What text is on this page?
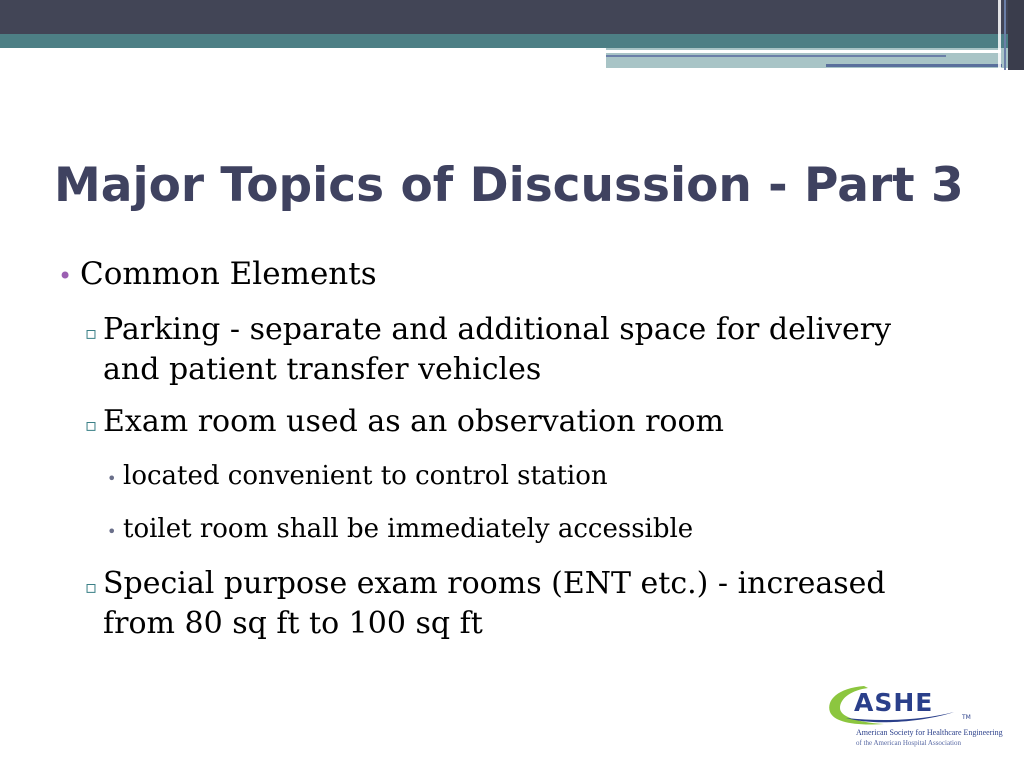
Major Topics of Discussion - Part 3
• Common Elements
▫ Parking - separate and additional space for delivery and patient transfer vehicles
▫ Exam room used as an observation room
• located convenient to control station
• toilet room shall be immediately accessible
▫ Special purpose exam rooms (ENT etc.) - increased from 80 sq ft to 100 sq ft
ASHE
TM
American Society for Healthcare Engineering
of the American Hospital Association
